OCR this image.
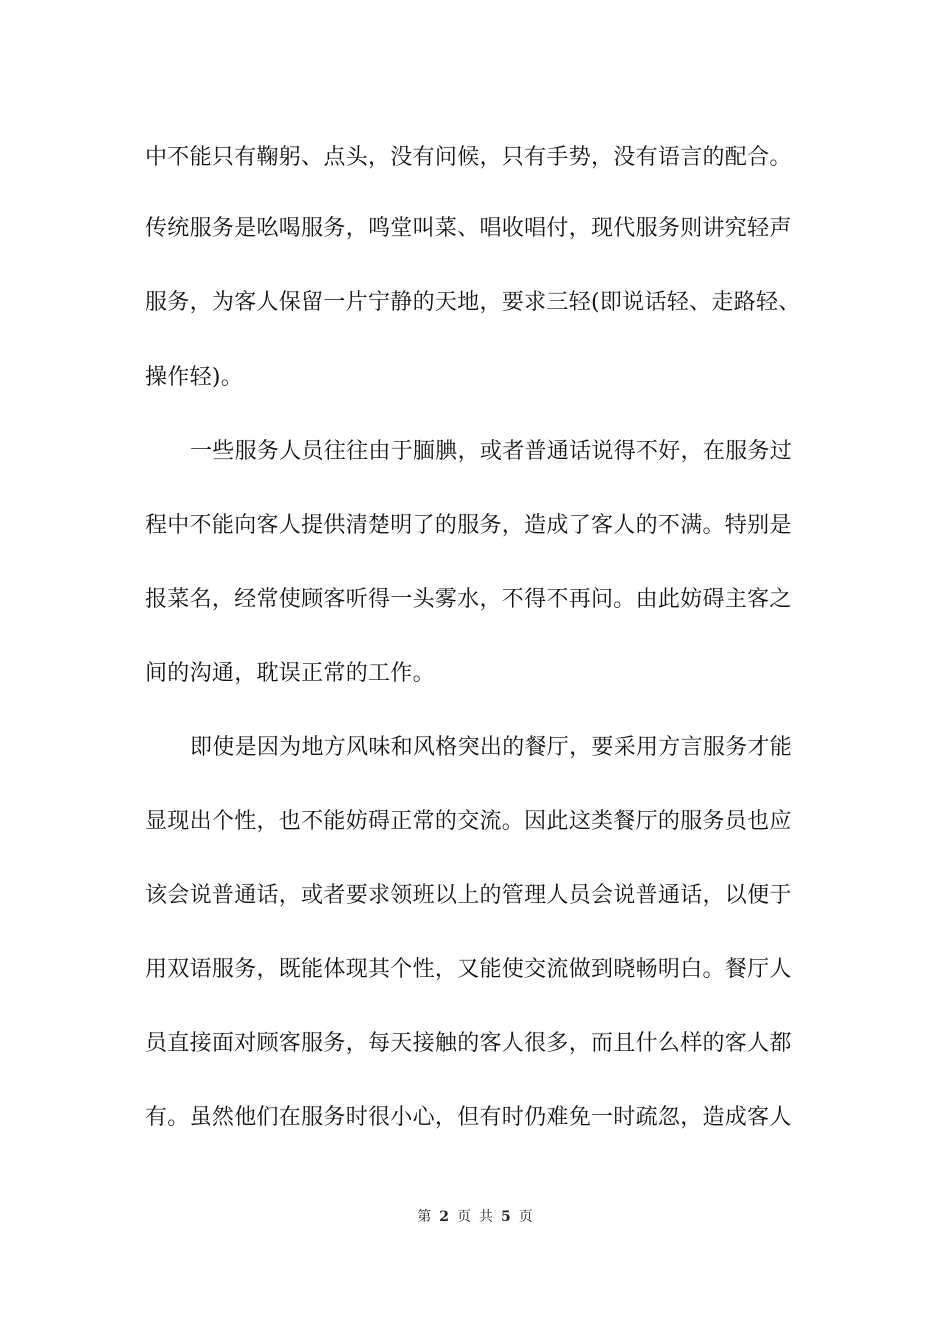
中不能只有鞠躬、点头，没有问候，只有手势，没有语言的配合。
传统服务是吆喝服务，鸣堂叫菜、唱收唱付，现代服务则讲究轻声
服务，为客人保留一片宁静的天地，要求三轻(即说话轻、走路轻、
操作轻)。
一些服务人员往往由于腼腆，或者普通话说得不好，在服务过
程中不能向客人提供清楚明了的服务，造成了客人的不满。特别是
报菜名，经常使顾客听得一头雾水，不得不再问。由此妨碍主客之
间的沟通，耽误正常的工作。
即使是因为地方风味和风格突出的餐厅，要采用方言服务才能
显现出个性，也不能妨碍正常的交流。因此这类餐厅的服务员也应
该会说普通话，或者要求领班以上的管理人员会说普通话，以便于
用双语服务，既能体现其个性，又能使交流做到晓畅明白。餐厅人
员直接面对顾客服务，每天接触的客人很多，而且什么样的客人都
有。虽然他们在服务时很小心，但有时仍难免一时疏忽，造成客人
第 2 页 共 5 页
